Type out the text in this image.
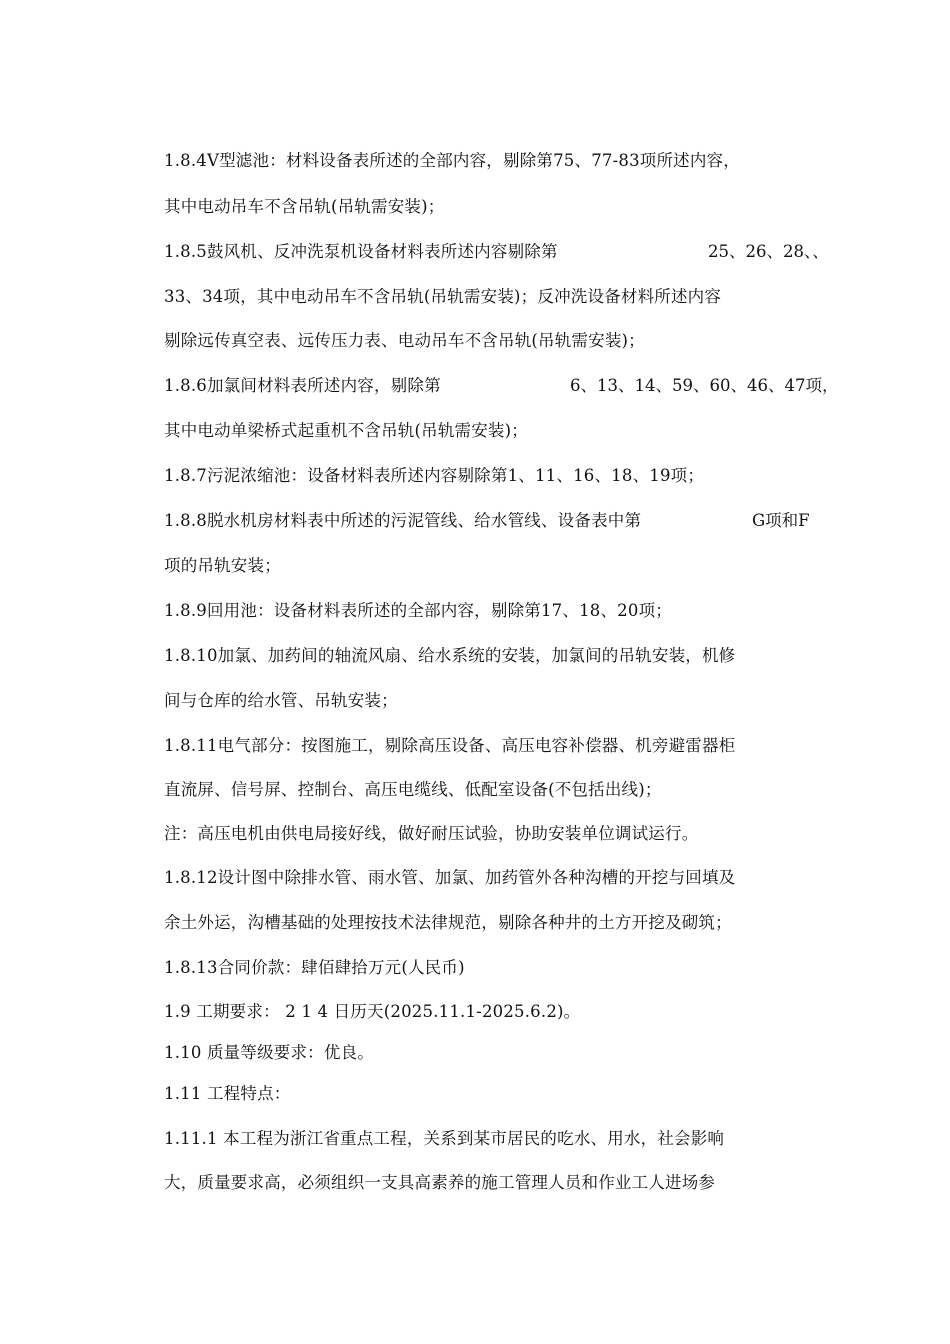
1.8.4V型滤池：材料设备表所述的全部内容，剔除第75、77-83项所述内容，
其中电动吊车不含吊轨(吊轨需安装)；
1.8.5鼓风机、反冲洗泵机设备材料表所述内容剔除第	25、26、28、、
33、34项，其中电动吊车不含吊轨(吊轨需安装)；反冲洗设备材料所述内容
剔除远传真空表、远传压力表、电动吊车不含吊轨(吊轨需安装)；
1.8.6加氯间材料表所述内容，剔除第	6、13、14、59、60、46、47项，
其中电动单梁桥式起重机不含吊轨(吊轨需安装)；
1.8.7污泥浓缩池：设备材料表所述内容剔除第1、11、16、18、19项；
1.8.8脱水机房材料表中所述的污泥管线、给水管线、设备表中第	G项和F
项的吊轨安装；
1.8.9回用池：设备材料表所述的全部内容，剔除第17、18、20项；
1.8.10加氯、加药间的轴流风扇、给水系统的安装，加氯间的吊轨安装，机修
间与仓库的给水管、吊轨安装；
1.8.11电气部分：按图施工，剔除高压设备、高压电容补偿器、机旁避雷器柜
直流屏、信号屏、控制台、高压电缆线、低配室设备(不包括出线)；
注：高压电机由供电局接好线，做好耐压试验，协助安装单位调试运行。
1.8.12设计图中除排水管、雨水管、加氯、加药管外各种沟槽的开挖与回填及
余土外运，沟槽基础的处理按技术法律规范，剔除各种井的土方开挖及砌筑；
1.8.13合同价款：肆佰肆拾万元(人民币)
1.9 工期要求： 2 1 4 日历天(2025.11.1-2025.6.2)。
1.10 质量等级要求：优良。
1.11 工程特点：
1.11.1 本工程为浙江省重点工程，关系到某市居民的吃水、用水，社会影响
大，质量要求高，必须组织一支具高素养的施工管理人员和作业工人进场参
